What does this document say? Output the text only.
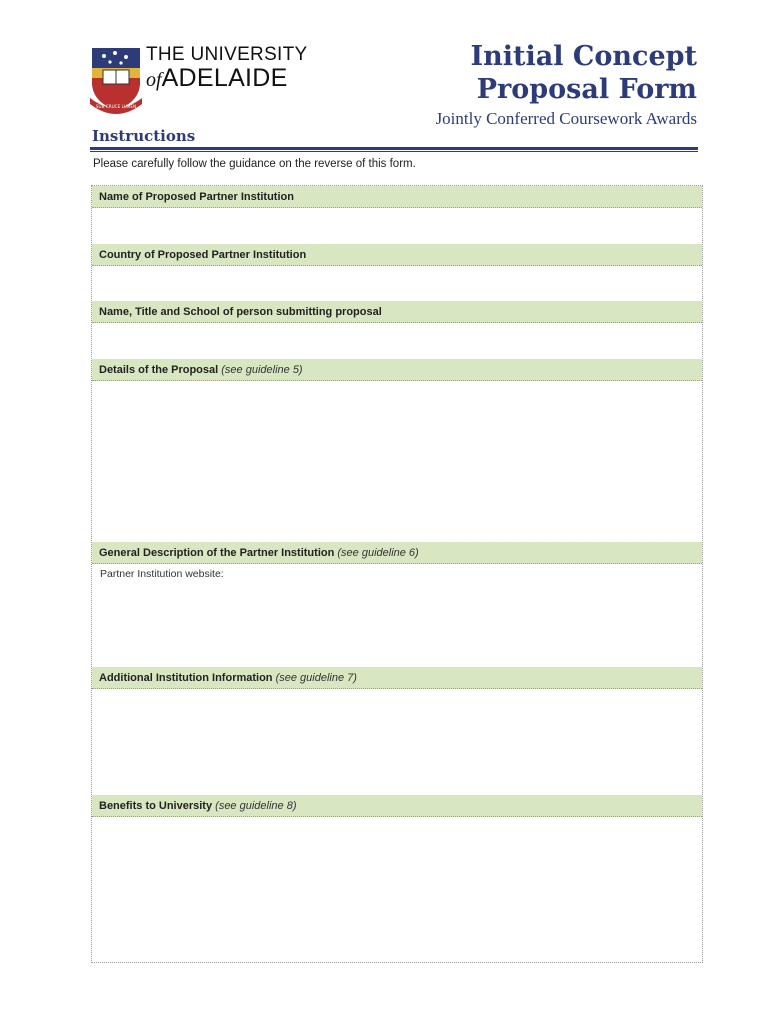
SUB CRUCE LUMEN
THE UNIVERSITY
ofADELAIDE
Initial Concept
Proposal Form
Jointly Conferred Coursework Awards
Instructions
Please carefully follow the guidance on the reverse of this form.
Name of Proposed Partner Institution
Country of Proposed Partner Institution
Name, Title and School of person submitting proposal
Details of the Proposal (see guideline 5)
General Description of the Partner Institution (see guideline 6)
Partner Institution website:
Additional Institution Information (see guideline 7)
Benefits to University (see guideline 8)
